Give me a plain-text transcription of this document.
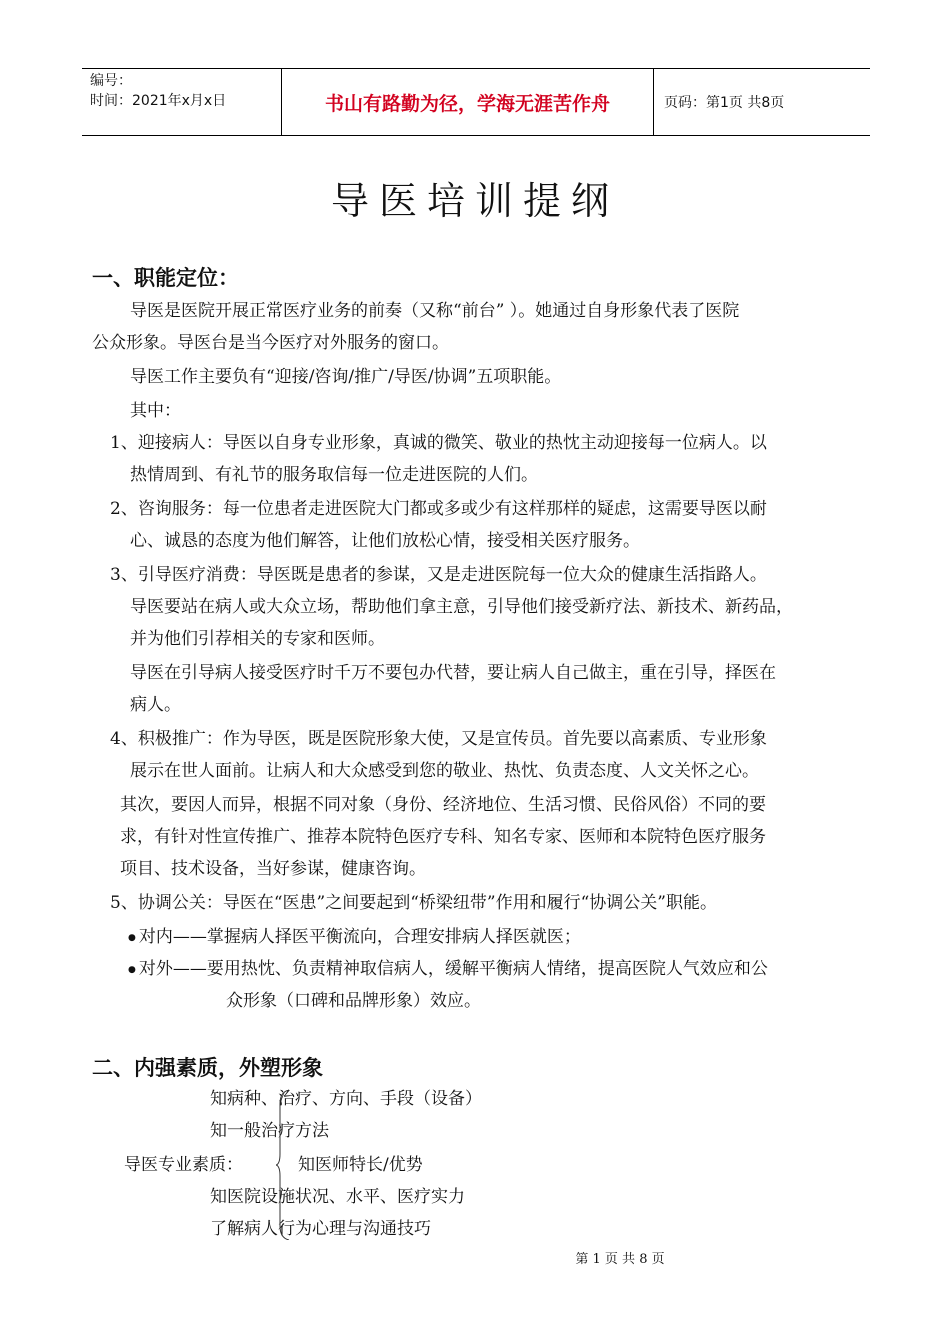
编号：
时间：2021年x月x日	书山有路勤为径，学海无涯苦作舟	页码：第1页 共8页
导医培训提纲
一、职能定位：
导医是医院开展正常医疗业务的前奏（又称“前台” ）。她通过自身形象代表了医院
公众形象。导医台是当今医疗对外服务的窗口。
导医工作主要负有“迎接/咨询/推广/导医/协调”五项职能。
其中：
1、迎接病人：导医以自身专业形象，真诚的微笑、敬业的热忱主动迎接每一位病人。以
热情周到、有礼节的服务取信每一位走进医院的人们。
2、咨询服务：每一位患者走进医院大门都或多或少有这样那样的疑虑，这需要导医以耐
心、诚恳的态度为他们解答，让他们放松心情，接受相关医疗服务。
3、引导医疗消费：导医既是患者的参谋，又是走进医院每一位大众的健康生活指路人。
导医要站在病人或大众立场，帮助他们拿主意，引导他们接受新疗法、新技术、新药品，
并为他们引荐相关的专家和医师。
导医在引导病人接受医疗时千万不要包办代替，要让病人自己做主，重在引导，择医在
病人。
4、积极推广：作为导医，既是医院形象大使，又是宣传员。首先要以高素质、专业形象
展示在世人面前。让病人和大众感受到您的敬业、热忱、负责态度、人文关怀之心。
其次，要因人而异，根据不同对象（身份、经济地位、生活习惯、民俗风俗）不同的要
求，有针对性宣传推广、推荐本院特色医疗专科、知名专家、医师和本院特色医疗服务
项目、技术设备，当好参谋，健康咨询。
5、协调公关：导医在“医患”之间要起到“桥梁纽带”作用和履行“协调公关”职能。
● 对内——掌握病人择医平衡流向，合理安排病人择医就医；
● 对外——要用热忱、负责精神取信病人，缓解平衡病人情绪，提高医院人气效应和公
众形象（口碑和品牌形象）效应。
二、内强素质，外塑形象
知病种、治疗、方向、手段（设备）
知一般治疗方法
导医专业素质：	知医师特长/优势
知医院设施状况、水平、医疗实力
了解病人行为心理与沟通技巧
第 1 页 共 8 页
